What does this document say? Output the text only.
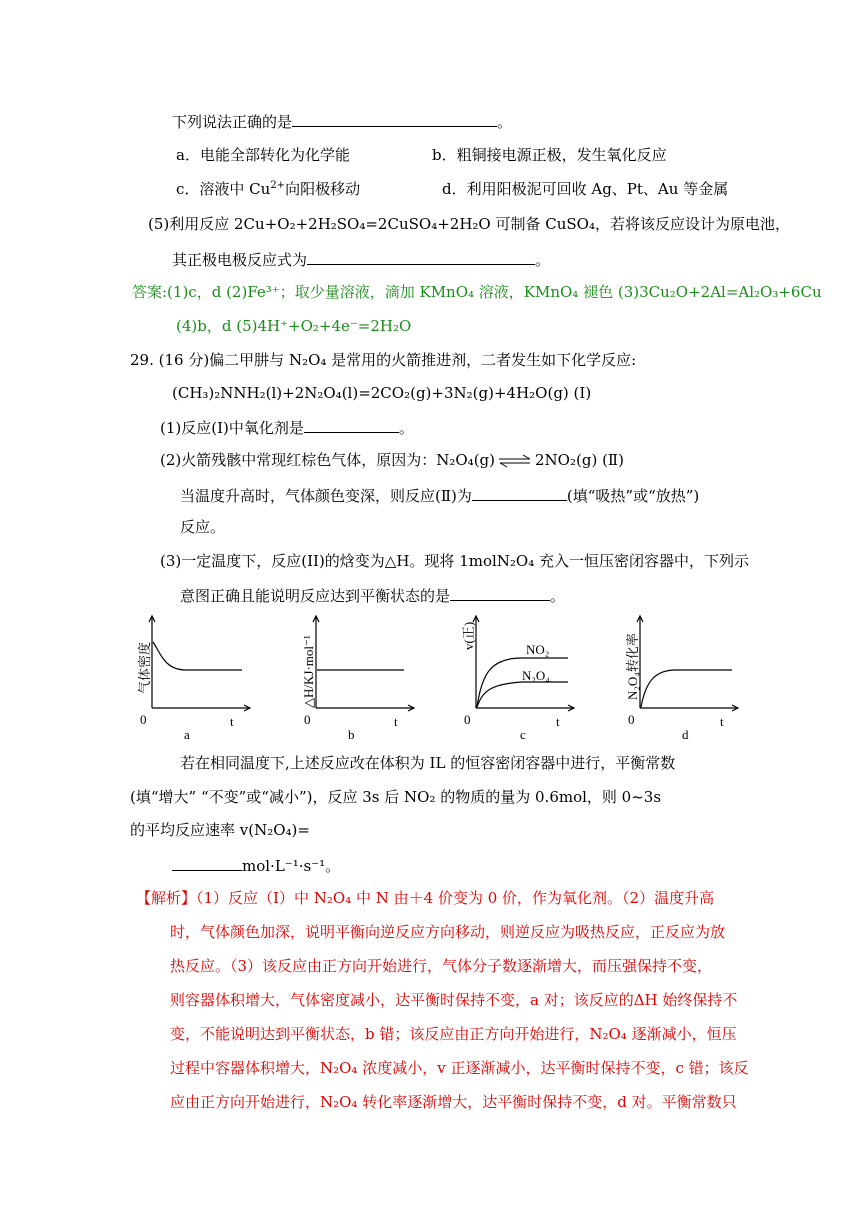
下列说法正确的是	。
a．电能全部转化为化学能	b．粗铜接电源正极，发生氧化反应
c．溶液中 $Cu^{2+}$向阳极移动	d．利用阳极泥可回收 Ag、Pt、Au 等金属
(5)利用反应 2Cu+O₂+2H₂SO₄=2CuSO₄+2H₂O 可制备 CuSO₄，若将该反应设计为原电池，
其正极电极反应式为	。
答案:(1)c，d (2)Fe³⁺；取少量溶液，滴加 KMnO₄ 溶液，KMnO₄ 褪色 (3)3Cu₂O+2Al=Al₂O₃+6Cu
(4)b，d (5)4H⁺+O₂+4e⁻=2H₂O
29. (16 分)偏二甲肼与 N₂O₄ 是常用的火箭推进剂，二者发生如下化学反应:
(CH₃)₂NNH₂(l)+2N₂O₄(l)=2CO₂(g)+3N₂(g)+4H₂O(g) (I)
(1)反应(I)中氧化剂是	。
(2)火箭残骸中常现红棕色气体，原因为：N₂O₄(g) ⇌ 2NO₂(g) (Ⅱ)
当温度升高时，气体颜色变深，则反应(Ⅱ)为	(填“吸热”或“放热”)
反应。
(3)一定温度下，反应(II)的焓变为△H。现将 1molN₂O₄ 充入一恒压密闭容器中，下列示
意图正确且能说明反应达到平衡状态的是	。
0	t
a
气体密度
0	t
b
△H/KJ·mol⁻¹	NO₂
N₂O₄
0	t
c
v(正)
0	t
d
N₂O₄转化率
若在相同温度下,上述反应改在体积为 IL 的恒容密闭容器中进行，平衡常数
(填“增大” “不变”或“减小”)，反应 3s 后 NO₂ 的物质的量为 0.6mol，则 0~3s
的平均反应速率 v(N₂O₄)=
mol·L⁻¹·s⁻¹。
【解析】（1）反应（Ⅰ）中 N₂O₄ 中 N 由＋4 价变为 0 价，作为氧化剂。（2）温度升高
时，气体颜色加深，说明平衡向逆反应方向移动，则逆反应为吸热反应，正反应为放
热反应。（3）该反应由正方向开始进行，气体分子数逐渐增大，而压强保持不变，
则容器体积增大，气体密度减小，达平衡时保持不变，a 对；该反应的ΔH 始终保持不
变，不能说明达到平衡状态，b 错；该反应由正方向开始进行，N₂O₄ 逐渐减小，恒压
过程中容器体积增大，N₂O₄ 浓度减小，v 正逐渐减小，达平衡时保持不变，c 错；该反
应由正方向开始进行，N₂O₄ 转化率逐渐增大，达平衡时保持不变，d 对。平衡常数只
